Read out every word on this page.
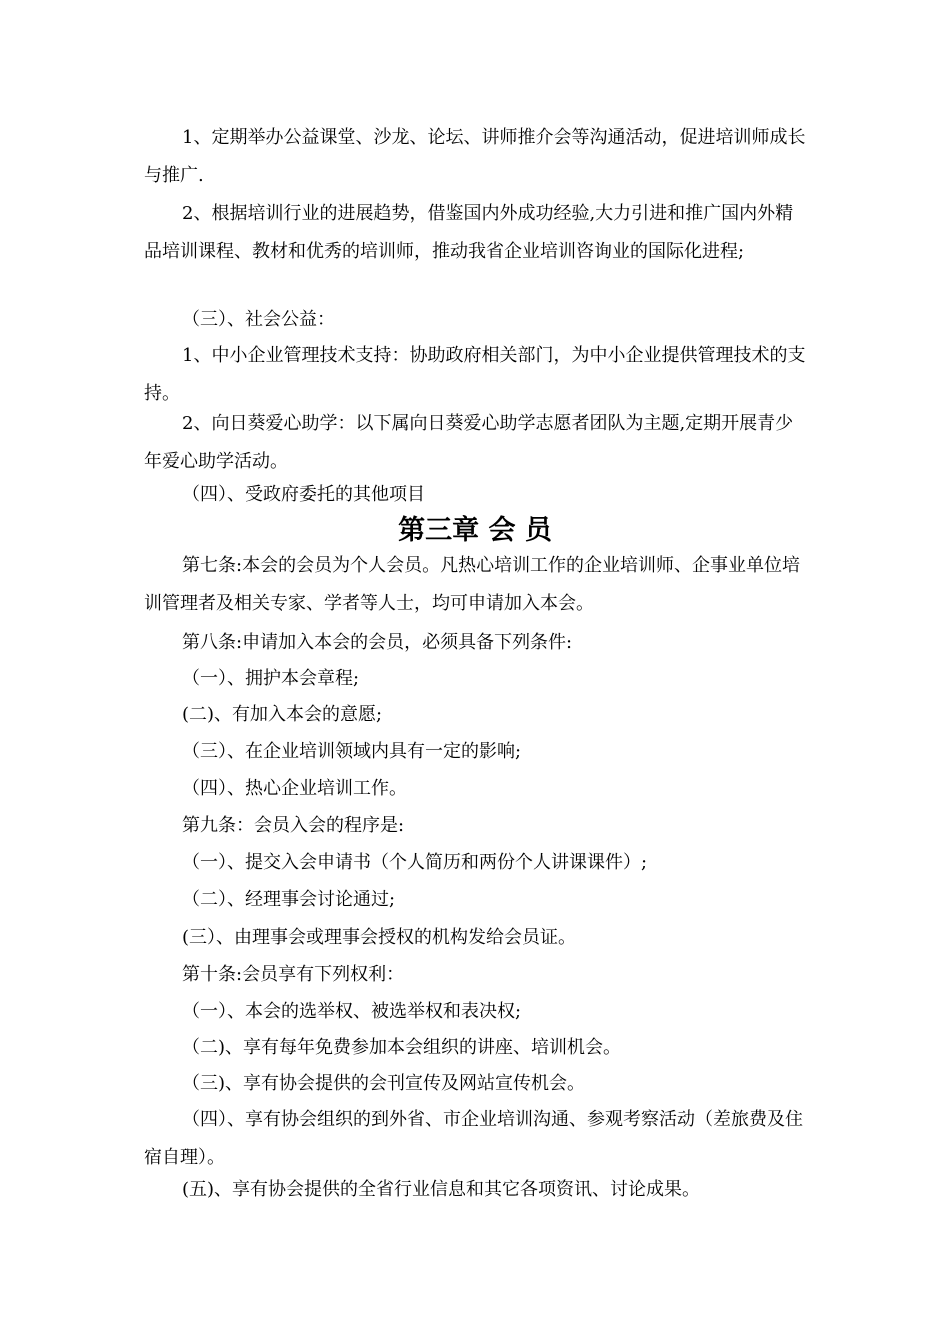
1、定期举办公益课堂、沙龙、论坛、讲师推介会等沟通活动，促进培训师成长与推广.

2、根据培训行业的进展趋势，借鉴国内外成功经验,大力引进和推广国内外精品培训课程、教材和优秀的培训师，推动我省企业培训咨询业的国际化进程;

（三）、社会公益：

1、中小企业管理技术支持：协助政府相关部门，为中小企业提供管理技术的支持。

2、向日葵爱心助学：以下属向日葵爱心助学志愿者团队为主题,定期开展青少年爱心助学活动。

（四）、受政府委托的其他项目

第三章 会 员

第七条:本会的会员为个人会员。凡热心培训工作的企业培训师、企事业单位培训管理者及相关专家、学者等人士，均可申请加入本会。

第八条:申请加入本会的会员，必须具备下列条件:

（一）、拥护本会章程;

(二)、有加入本会的意愿;

（三）、在企业培训领域内具有一定的影响;

（四）、热心企业培训工作。

第九条：会员入会的程序是:

（一）、提交入会申请书（个人简历和两份个人讲课课件）;

（二）、经理事会讨论通过;

(三）、由理事会或理事会授权的机构发给会员证。

第十条:会员享有下列权利：

（一）、本会的选举权、被选举权和表决权;

（二)、享有每年免费参加本会组织的讲座、培训机会。

（三)、享有协会提供的会刊宣传及网站宣传机会。

（四）、享有协会组织的到外省、市企业培训沟通、参观考察活动（差旅费及住宿自理）。

(五)、享有协会提供的全省行业信息和其它各项资讯、讨论成果。
